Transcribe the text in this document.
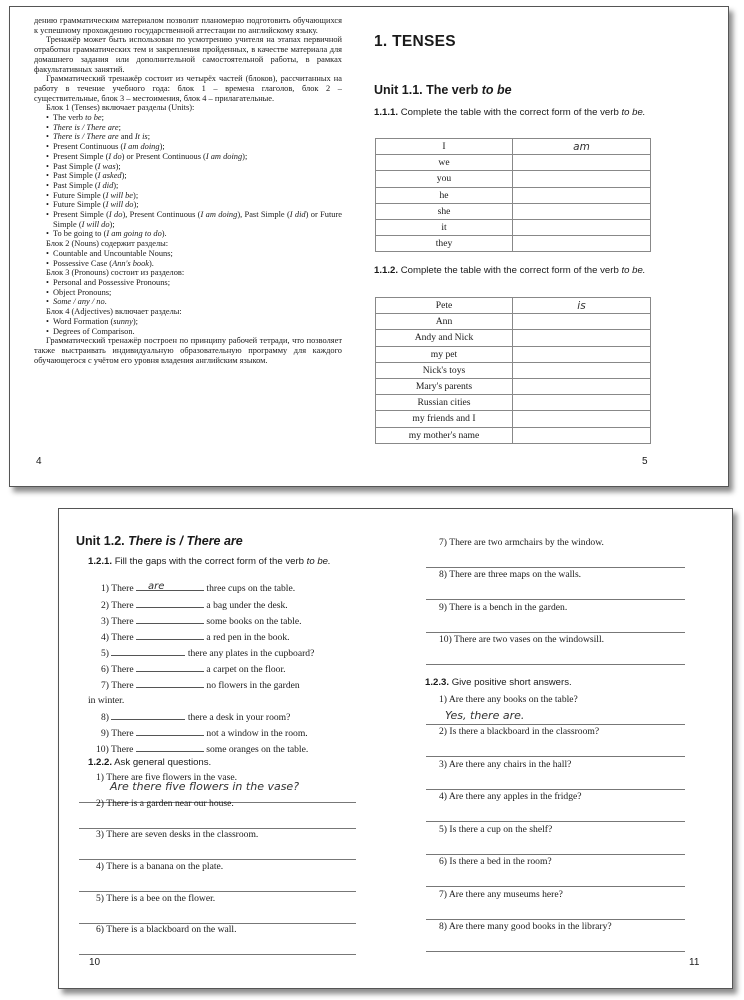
дению грамматическим материалом позволит планомерно подготовить обучающихся к успешному прохождению государственной аттестации по английскому языку.

Тренажёр может быть использован по усмотрению учителя на этапах первичной отработки грамматических тем и закрепления пройденных, в качестве материала для домашнего задания или дополнительной самостоятельной работы, в рамках факультативных занятий.

Грамматический тренажёр состоит из четырёх частей (блоков), рассчитанных на работу в течение учебного года: блок 1 – времена глаголов, блок 2 – существительные, блок 3 – местоимения, блок 4 – прилагательные.

Блок 1 (Tenses) включает разделы (Units):

• The verb to be;
• There is / There are;
• There is / There are and It is;
• Present Continuous (I am doing);
• Present Simple (I do) or Present Continuous (I am doing);
• Past Simple (I was);
• Past Simple (I asked);
• Past Simple (I did);
• Future Simple (I will be);
• Future Simple (I will do);
• Present Simple (I do), Present Continuous (I am doing), Past Simple (I did) or Future Simple (I will do);
• To be going to (I am going to do).

Блок 2 (Nouns) содержит разделы:

• Countable and Uncountable Nouns;
• Possessive Case (Ann's book).

Блок 3 (Pronouns) состоит из разделов:

• Personal and Possessive Pronouns;
• Object Pronouns;
• Some / any / no.

Блок 4 (Adjectives) включает разделы:

• Word Formation (sunny);
• Degrees of Comparison.

Грамматический тренажёр построен по принципу рабочей тетради, что позволяет также выстраивать индивидуальную образовательную программу для каждого обучающегося с учётом его уровня владения английским языком.

4
1. TENSES
Unit 1.1. The verb to be

1.1.1. Complete the table with the correct form of the verb to be.

I	am
we	
you	
he	
she	
it	
they	

1.1.2. Complete the table with the correct form of the verb to be.

Pete	is
Ann	
Andy and Nick	
my pet	
Nick's toys	
Mary's parents	
Russian cities	
my friends and I	
my mother's name	
5
Unit 1.2. There is / There are
1.2.1. Fill the gaps with the correct form of the verb to be.
1) There are	three cups on the table.
2) There	a bag under the desk.
3) There	some books on the table.
4) There	a red pen in the book.
5)	there any plates in the cupboard?
6) There	a carpet on the floor.
7) There	no flowers in the garden
8)	there a desk in your room?
9) There	not a window in the room.
10) There	some oranges on the table.
in winter.
1.2.2. Ask general questions.
1) There are five flowers in the vase.
2) There is a garden near our house.
3) There are seven desks in the classroom.
4) There is a banana on the plate.
5) There is a bee on the flower.
6) There is a blackboard on the wall.
Are there five flowers in the vase?
10
7) There are two armchairs by the window.
8) There are three maps on the walls.
9) There is a bench in the garden.
10) There are two vases on the windowsill.
1.2.3. Give positive short answers.
1) Are there any books on the table?
2) Is there a blackboard in the classroom?
3) Are there any chairs in the hall?
4) Are there any apples in the fridge?
5) Is there a cup on the shelf?
6) Is there a bed in the room?
7) Are there any museums here?
8) Are there many good books in the library?
Yes, there are.
11
